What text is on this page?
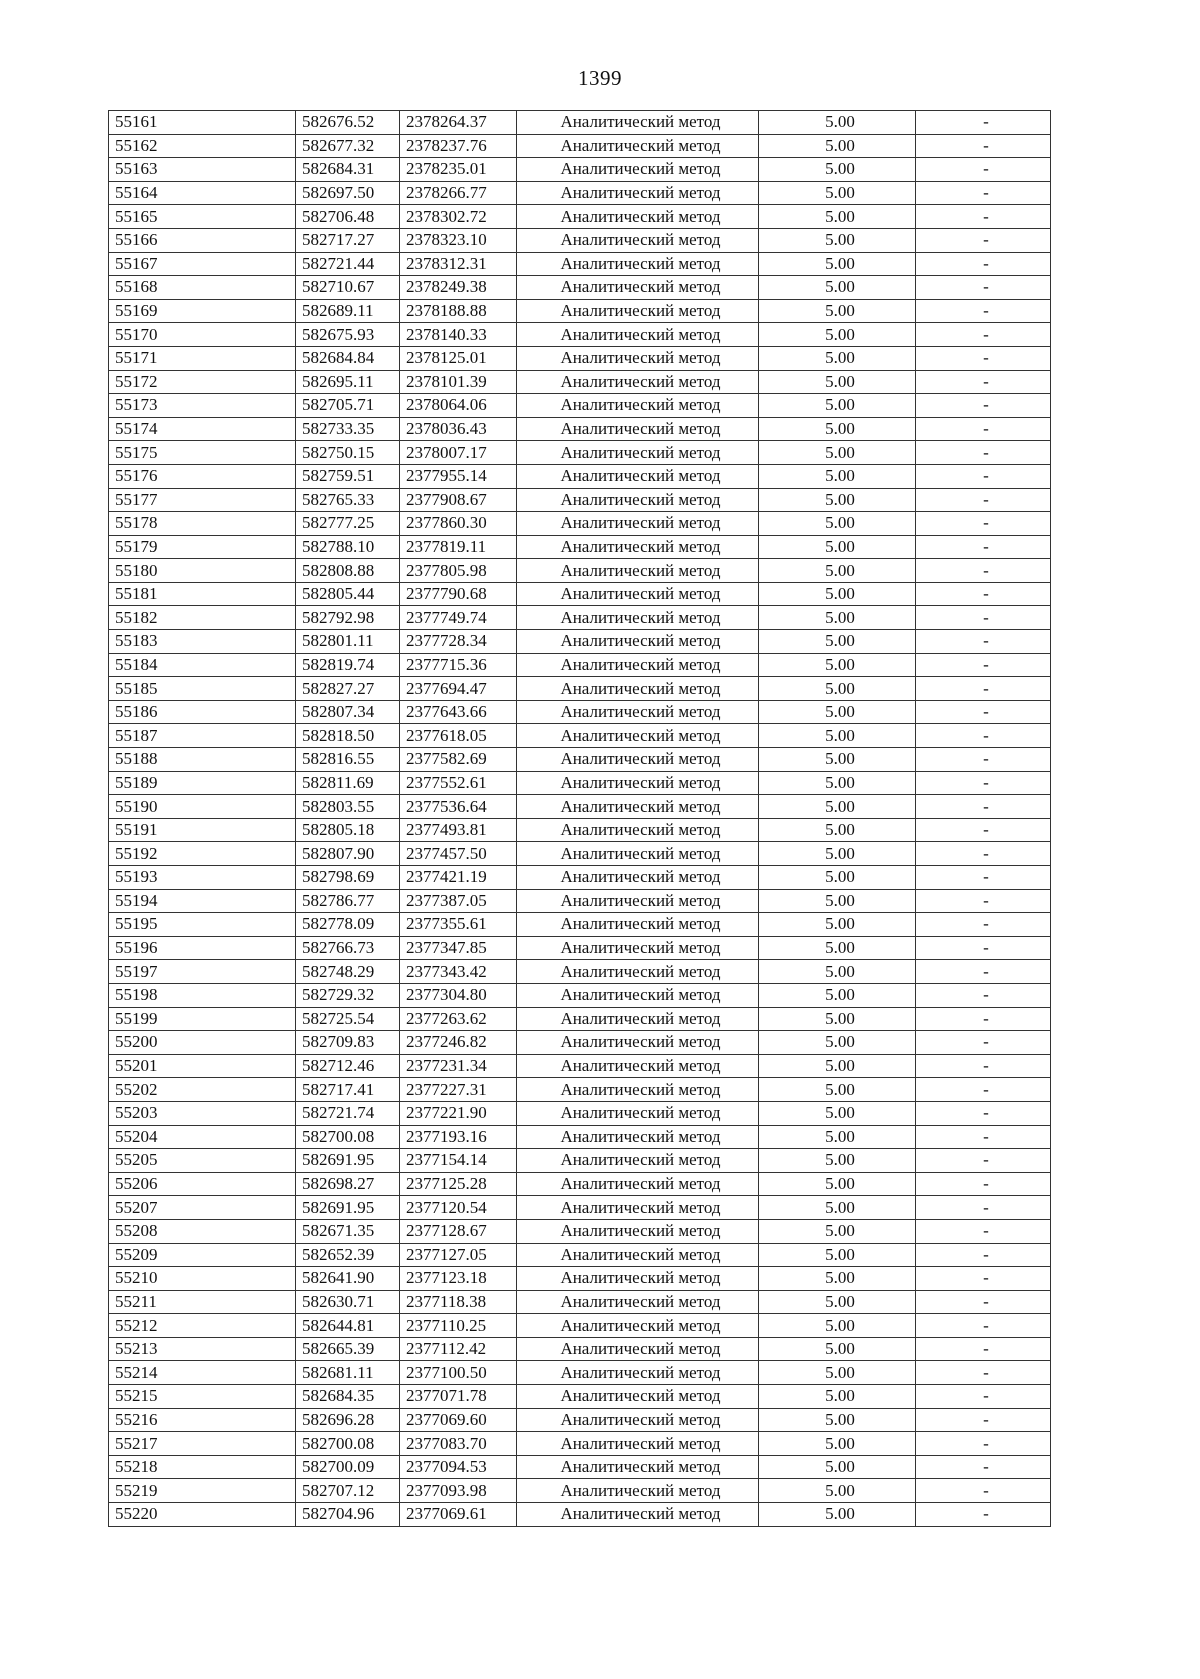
1399
55161	582676.52	2378264.37	Аналитический метод	5.00	-
55162	582677.32	2378237.76	Аналитический метод	5.00	-
55163	582684.31	2378235.01	Аналитический метод	5.00	-
55164	582697.50	2378266.77	Аналитический метод	5.00	-
55165	582706.48	2378302.72	Аналитический метод	5.00	-
55166	582717.27	2378323.10	Аналитический метод	5.00	-
55167	582721.44	2378312.31	Аналитический метод	5.00	-
55168	582710.67	2378249.38	Аналитический метод	5.00	-
55169	582689.11	2378188.88	Аналитический метод	5.00	-
55170	582675.93	2378140.33	Аналитический метод	5.00	-
55171	582684.84	2378125.01	Аналитический метод	5.00	-
55172	582695.11	2378101.39	Аналитический метод	5.00	-
55173	582705.71	2378064.06	Аналитический метод	5.00	-
55174	582733.35	2378036.43	Аналитический метод	5.00	-
55175	582750.15	2378007.17	Аналитический метод	5.00	-
55176	582759.51	2377955.14	Аналитический метод	5.00	-
55177	582765.33	2377908.67	Аналитический метод	5.00	-
55178	582777.25	2377860.30	Аналитический метод	5.00	-
55179	582788.10	2377819.11	Аналитический метод	5.00	-
55180	582808.88	2377805.98	Аналитический метод	5.00	-
55181	582805.44	2377790.68	Аналитический метод	5.00	-
55182	582792.98	2377749.74	Аналитический метод	5.00	-
55183	582801.11	2377728.34	Аналитический метод	5.00	-
55184	582819.74	2377715.36	Аналитический метод	5.00	-
55185	582827.27	2377694.47	Аналитический метод	5.00	-
55186	582807.34	2377643.66	Аналитический метод	5.00	-
55187	582818.50	2377618.05	Аналитический метод	5.00	-
55188	582816.55	2377582.69	Аналитический метод	5.00	-
55189	582811.69	2377552.61	Аналитический метод	5.00	-
55190	582803.55	2377536.64	Аналитический метод	5.00	-
55191	582805.18	2377493.81	Аналитический метод	5.00	-
55192	582807.90	2377457.50	Аналитический метод	5.00	-
55193	582798.69	2377421.19	Аналитический метод	5.00	-
55194	582786.77	2377387.05	Аналитический метод	5.00	-
55195	582778.09	2377355.61	Аналитический метод	5.00	-
55196	582766.73	2377347.85	Аналитический метод	5.00	-
55197	582748.29	2377343.42	Аналитический метод	5.00	-
55198	582729.32	2377304.80	Аналитический метод	5.00	-
55199	582725.54	2377263.62	Аналитический метод	5.00	-
55200	582709.83	2377246.82	Аналитический метод	5.00	-
55201	582712.46	2377231.34	Аналитический метод	5.00	-
55202	582717.41	2377227.31	Аналитический метод	5.00	-
55203	582721.74	2377221.90	Аналитический метод	5.00	-
55204	582700.08	2377193.16	Аналитический метод	5.00	-
55205	582691.95	2377154.14	Аналитический метод	5.00	-
55206	582698.27	2377125.28	Аналитический метод	5.00	-
55207	582691.95	2377120.54	Аналитический метод	5.00	-
55208	582671.35	2377128.67	Аналитический метод	5.00	-
55209	582652.39	2377127.05	Аналитический метод	5.00	-
55210	582641.90	2377123.18	Аналитический метод	5.00	-
55211	582630.71	2377118.38	Аналитический метод	5.00	-
55212	582644.81	2377110.25	Аналитический метод	5.00	-
55213	582665.39	2377112.42	Аналитический метод	5.00	-
55214	582681.11	2377100.50	Аналитический метод	5.00	-
55215	582684.35	2377071.78	Аналитический метод	5.00	-
55216	582696.28	2377069.60	Аналитический метод	5.00	-
55217	582700.08	2377083.70	Аналитический метод	5.00	-
55218	582700.09	2377094.53	Аналитический метод	5.00	-
55219	582707.12	2377093.98	Аналитический метод	5.00	-
55220	582704.96	2377069.61	Аналитический метод	5.00	-
